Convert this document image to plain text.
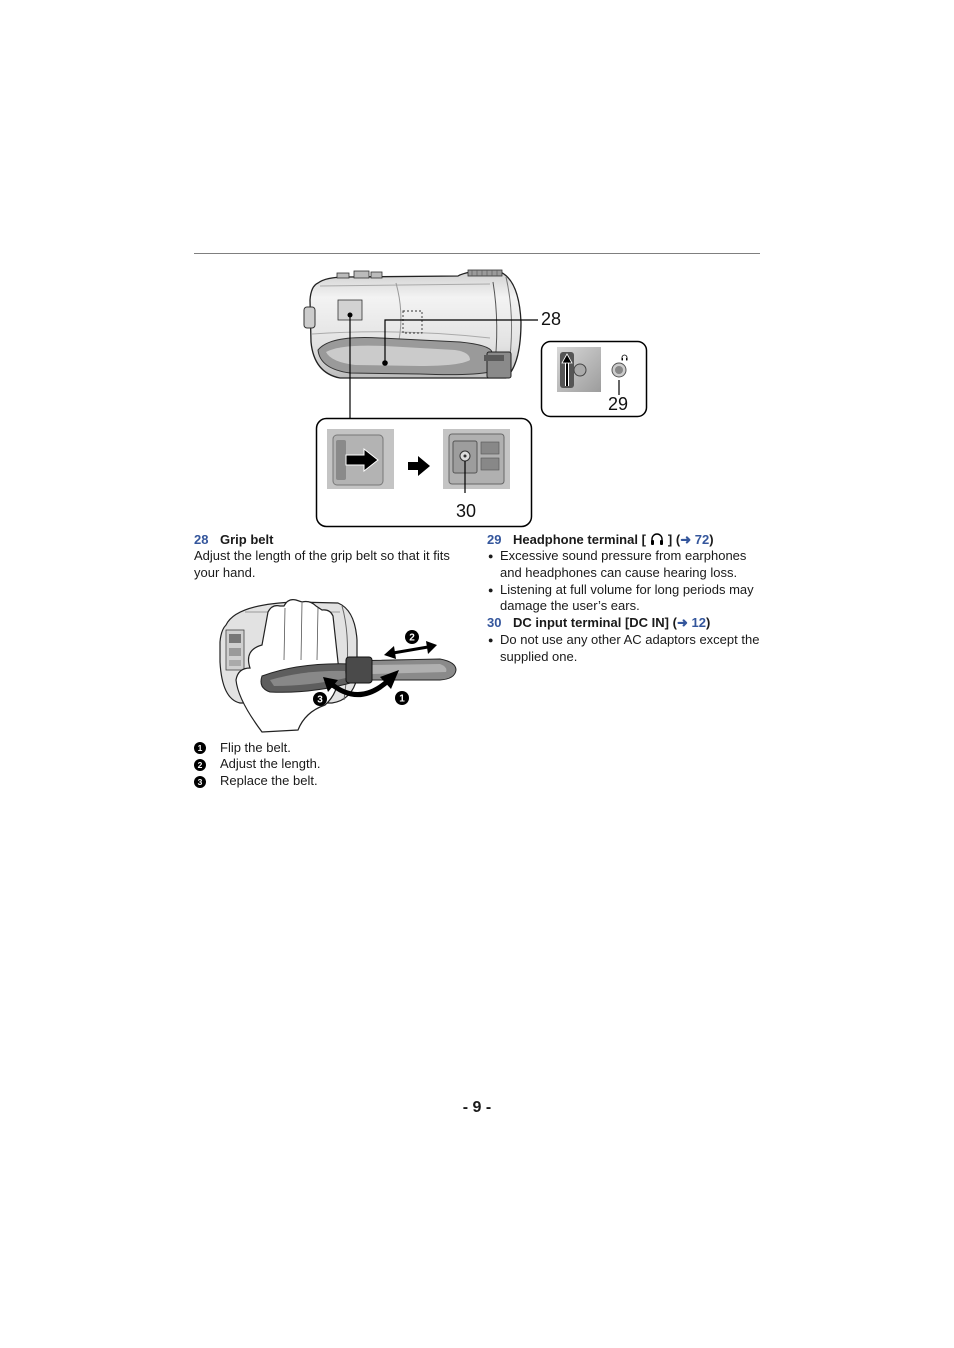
28
29
30
28 Grip belt
Adjust the length of the grip belt so that it fits
your hand.
2
3	1
1 Flip the belt.
2 Adjust the length.
3 Replace the belt.
29 Headphone terminal [ ] (➜ 72)
● Excessive sound pressure from earphones
and headphones can cause hearing loss.
● Listening at full volume for long periods may
damage the user’s ears.
30 DC input terminal [DC IN] (➜ 12)
● Do not use any other AC adaptors except the
supplied one.
- 9 -
